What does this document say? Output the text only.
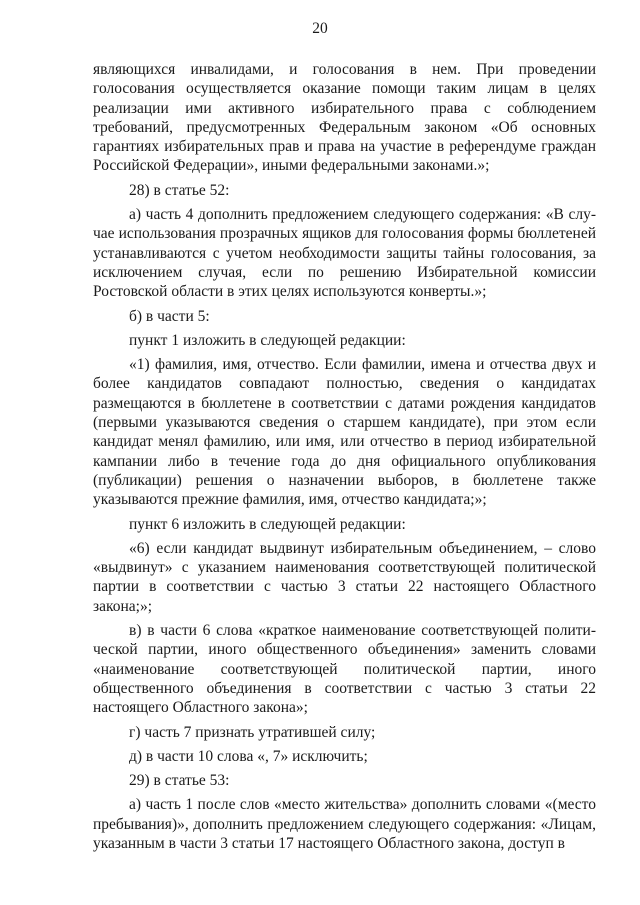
20

являющихся инвалидами, и голосования в нем. При проведении голосования осуществляется оказание помощи таким лицам в целях реализации ими активного избирательного права с соблюдением требований, предусмотренных Федеральным законом «Об основных гарантиях избирательных прав и права на участие в референдуме граждан Российской Федерации», иными федеральными законами.»;

28) в статье 52:

а) часть 4 дополнить предложением следующего содержания: «В случае использования прозрачных ящиков для голосования формы бюллетеней устанавливаются с учетом необходимости защиты тайны голосования, за исключением случая, если по решению Избирательной комиссии Ростовской области в этих целях используются конверты.»;

б) в части 5:

пункт 1 изложить в следующей редакции:

«1) фамилия, имя, отчество. Если фамилии, имена и отчества двух и более кандидатов совпадают полностью, сведения о кандидатах размещаются в бюллетене в соответствии с датами рождения кандидатов (первыми указываются сведения о старшем кандидате), при этом если кандидат менял фамилию, или имя, или отчество в период избирательной кампании либо в течение года до дня официального опубликования (публикации) решения о назначении выборов, в бюллетене также указываются прежние фамилия, имя, отчество кандидата;»;

пункт 6 изложить в следующей редакции:

«6) если кандидат выдвинут избирательным объединением, – слово «выдвинут» с указанием наименования соответствующей политической партии в соответствии с частью 3 статьи 22 настоящего Областного закона;»;

в) в части 6 слова «краткое наименование соответствующей политической партии, иного общественного объединения» заменить словами «наименование соответствующей политической партии, иного общественного объединения в соответствии с частью 3 статьи 22 настоящего Областного закона»;

г) часть 7 признать утратившей силу;

д) в части 10 слова «, 7» исключить;

29) в статье 53:

а) часть 1 после слов «место жительства» дополнить словами «(место пребывания)», дополнить предложением следующего содержания: «Лицам, указанным в части 3 статьи 17 настоящего Областного закона, доступ в
